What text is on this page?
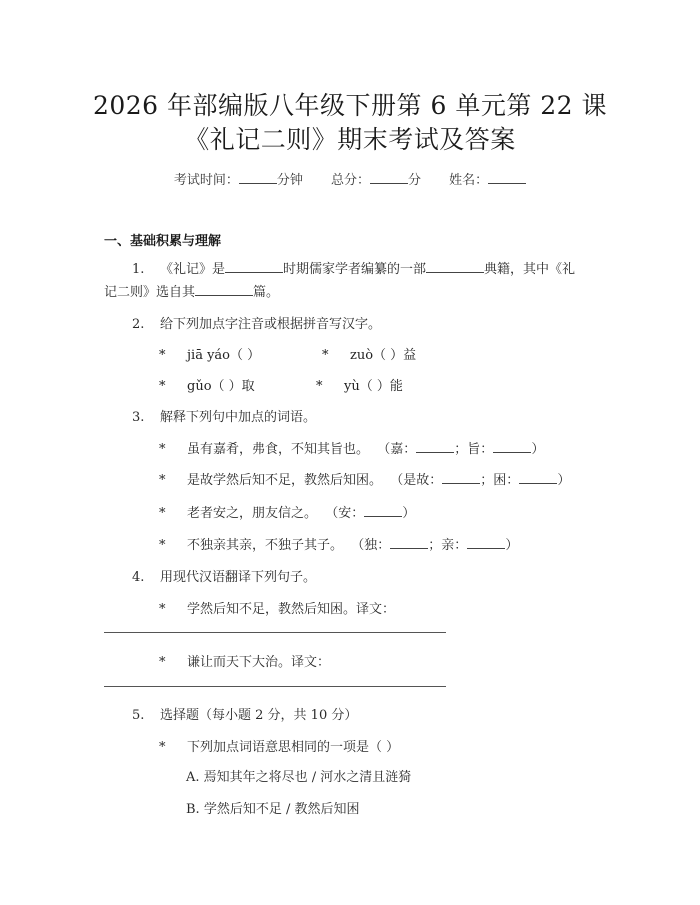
2026 年部编版八年级下册第 6 单元第 22 课
《礼记二则》期末考试及答案
考试时间：	分钟 总分：	分 姓名：
一、基础积累与理解
1. 《礼记》是	时期儒家学者编纂的一部	典籍，其中《礼
记二则》选自其	篇。
2. 给下列加点字注音或根据拼音写汉字。
* jiā yáo（ ）	* zuò（ ）益
* gǔo（ ）取	* yù（ ）能
3. 解释下列句中加点的词语。
* 虽有嘉肴，弗食，不知其旨也。 （嘉：	；旨：	）
* 是故学然后知不足，教然后知困。 （是故：	；困：	）
* 老者安之，朋友信之。 （安：	）
* 不独亲其亲，不独子其子。 （独：	；亲：	）
4. 用现代汉语翻译下列句子。
* 学然后知不足，教然后知困。译文：
* 谦让而天下大治。译文：
5. 选择题（每小题 2 分，共 10 分）
* 下列加点词语意思相同的一项是（ ）
A. 焉知其年之将尽也 / 河水之清且涟猗
B. 学然后知不足 / 教然后知困
